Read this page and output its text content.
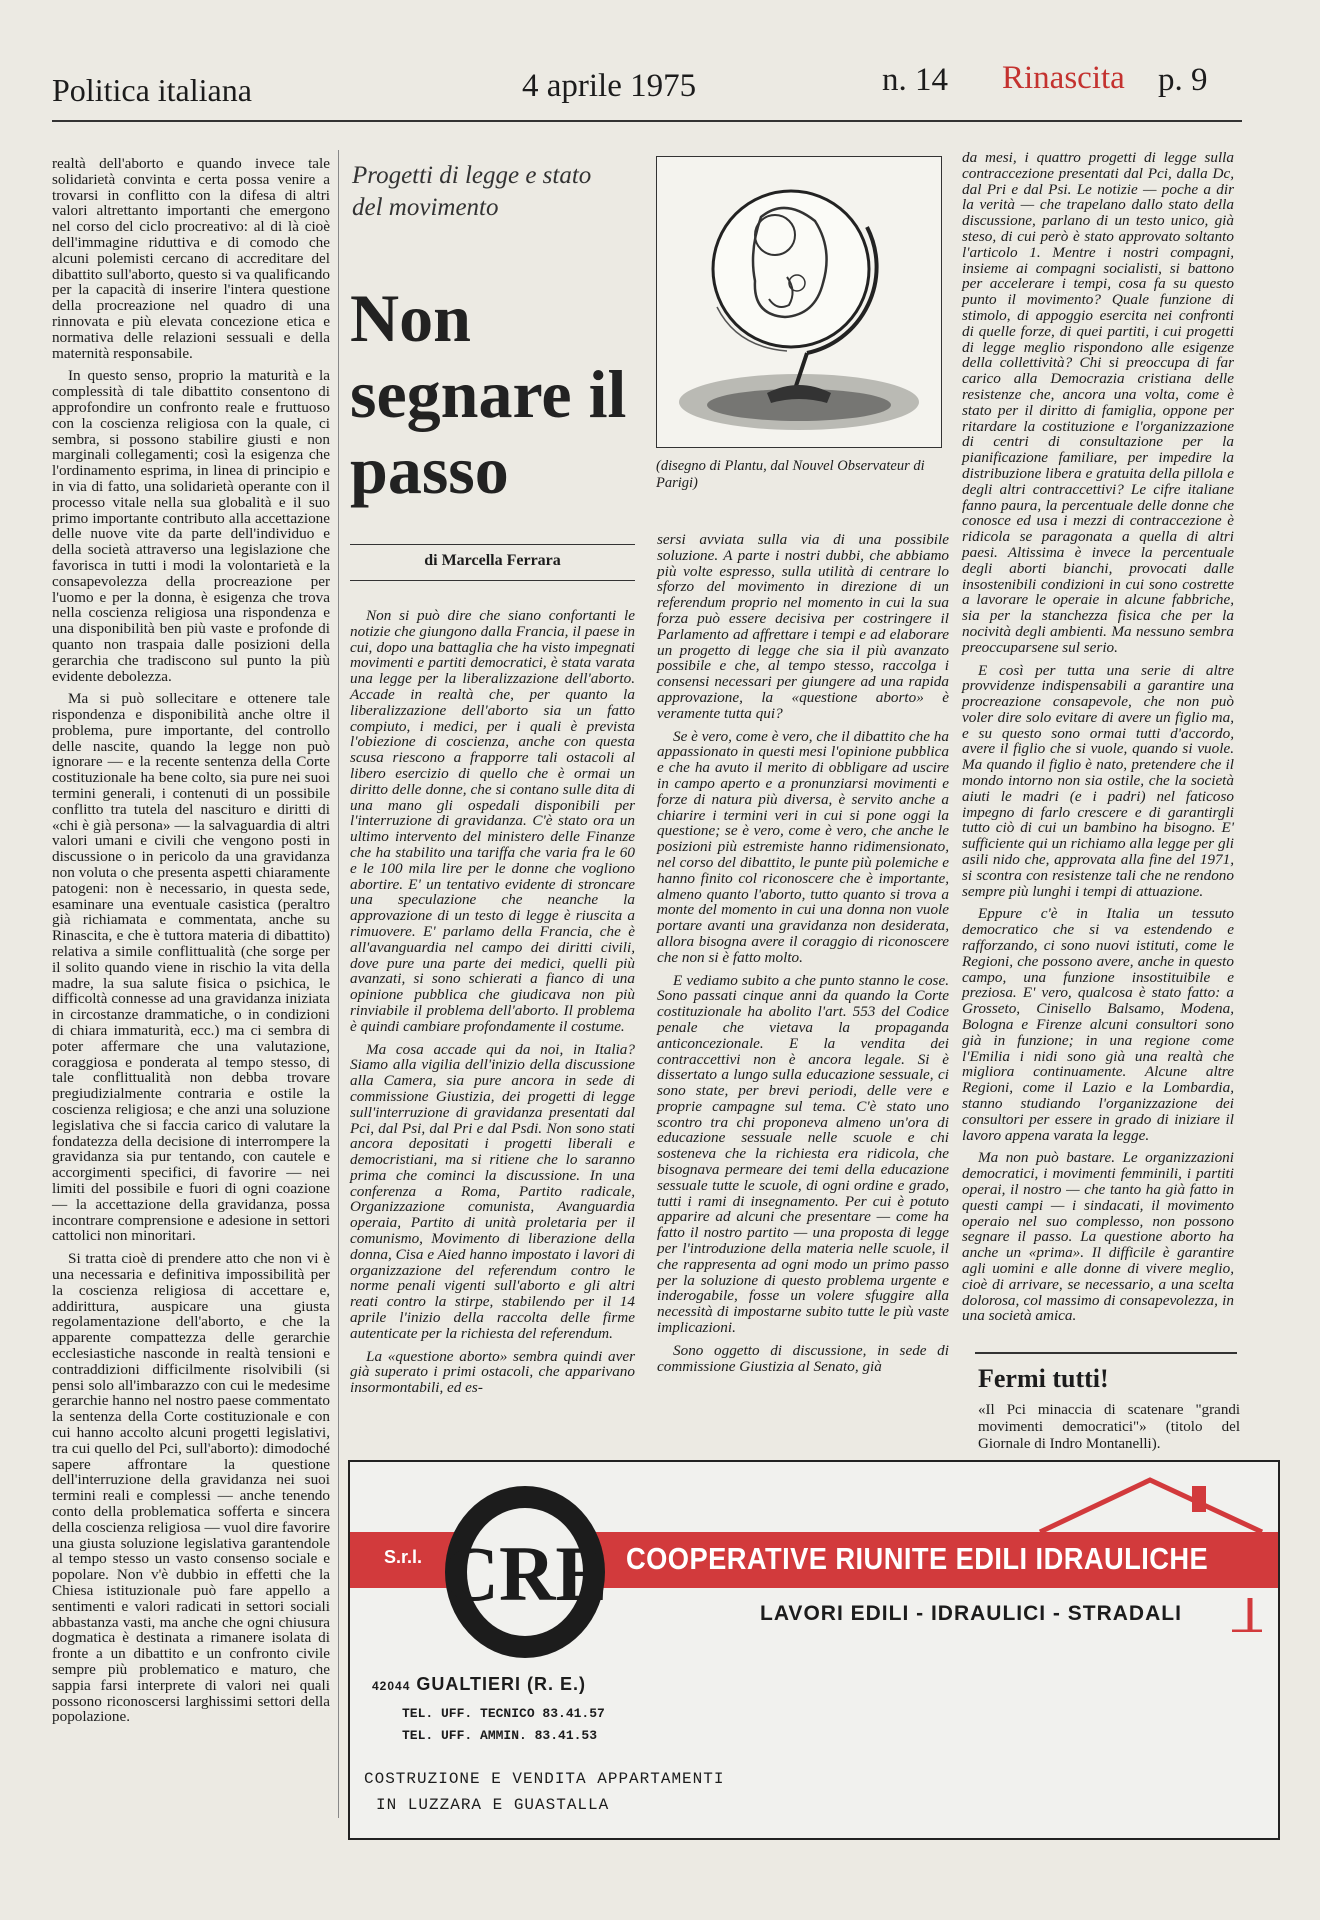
Politica italiana	4 aprile 1975	n. 14 Rinascita p. 9

realtà dell'aborto e quando invece tale solidarietà convinta e certa possa venire a trovarsi in conflitto con la difesa di altri valori altrettanto importanti che emergono nel corso del ciclo procreativo: al di là cioè dell'immagine riduttiva e di comodo che alcuni polemisti cercano di accreditare del dibattito sull'aborto, questo si va qualificando per la capacità di inserire l'intera questione della procreazione nel quadro di una rinnovata e più elevata concezione etica e normativa delle relazioni sessuali e della maternità responsabile.

In questo senso, proprio la maturità e la complessità di tale dibattito consentono di approfondire un confronto reale e fruttuoso con la coscienza religiosa con la quale, ci sembra, si possono stabilire giusti e non marginali collegamenti; così la esigenza che l'ordinamento esprima, in linea di principio e in via di fatto, una solidarietà operante con il processo vitale nella sua globalità e il suo primo importante contributo alla accettazione delle nuove vite da parte dell'individuo e della società attraverso una legislazione che favorisca in tutti i modi la volontarietà e la consapevolezza della procreazione per l'uomo e per la donna, è esigenza che trova nella coscienza religiosa una rispondenza e una disponibilità ben più vaste e profonde di quanto non traspaia dalle posizioni della gerarchia che tradiscono sul punto la più evidente debolezza.

Ma si può sollecitare e ottenere tale rispondenza e disponibilità anche oltre il problema, pure importante, del controllo delle nascite, quando la legge non può ignorare — e la recente sentenza della Corte costituzionale ha bene colto, sia pure nei suoi termini generali, i contenuti di un possibile conflitto tra tutela del nascituro e diritti di «chi è già persona» — la salvaguardia di altri valori umani e civili che vengono posti in discussione o in pericolo da una gravidanza non voluta o che presenta aspetti chiaramente patogeni: non è necessario, in questa sede, esaminare una eventuale casistica (peraltro già richiamata e commentata, anche su Rinascita, e che è tuttora materia di dibattito) relativa a simile conflittualità (che sorge per il solito quando viene in rischio la vita della madre, la sua salute fisica o psichica, le difficoltà connesse ad una gravidanza iniziata in circostanze drammatiche, o in condizioni di chiara immaturità, ecc.) ma ci sembra di poter affermare che una valutazione, coraggiosa e ponderata al tempo stesso, di tale conflittualità non debba trovare pregiudizialmente contraria e ostile la coscienza religiosa; e che anzi una soluzione legislativa che si faccia carico di valutare la fondatezza della decisione di interrompere la gravidanza sia pur tentando, con cautele e accorgimenti specifici, di favorire — nei limiti del possibile e fuori di ogni coazione — la accettazione della gravidanza, possa incontrare comprensione e adesione in settori cattolici non minoritari.

Si tratta cioè di prendere atto che non vi è una necessaria e definitiva impossibilità per la coscienza religiosa di accettare e, addirittura, auspicare una giusta regolamentazione dell'aborto, e che la apparente compattezza delle gerarchie ecclesiastiche nasconde in realtà tensioni e contraddizioni difficilmente risolvibili (si pensi solo all'imbarazzo con cui le medesime gerarchie hanno nel nostro paese commentato la sentenza della Corte costituzionale e con cui hanno accolto alcuni progetti legislativi, tra cui quello del Pci, sull'aborto): dimodoché sapere affrontare la questione dell'interruzione della gravidanza nei suoi termini reali e complessi — anche tenendo conto della problematica sofferta e sincera della coscienza religiosa — vuol dire favorire una giusta soluzione legislativa garantendole al tempo stesso un vasto consenso sociale e popolare. Non v'è dubbio in effetti che la Chiesa istituzionale può fare appello a sentimenti e valori radicati in settori sociali abbastanza vasti, ma anche che ogni chiusura dogmatica è destinata a rimanere isolata di fronte a un dibattito e un confronto civile sempre più problematico e maturo, che sappia farsi interprete di valori nei quali possono riconoscersi larghissimi settori della popolazione.

Progetti di legge e stato del movimento
Non segnare il passo
di Marcella Ferrara

Non si può dire che siano confortanti le notizie che giungono dalla Francia, il paese in cui, dopo una battaglia che ha visto impegnati movimenti e partiti democratici, è stata varata una legge per la liberalizzazione dell'aborto. Accade in realtà che, per quanto la liberalizzazione dell'aborto sia un fatto compiuto, i medici, per i quali è prevista l'obiezione di coscienza, anche con questa scusa riescono a frapporre tali ostacoli al libero esercizio di quello che è ormai un diritto delle donne, che si contano sulle dita di una mano gli ospedali disponibili per l'interruzione di gravidanza. C'è stato ora un ultimo intervento del ministero delle Finanze che ha stabilito una tariffa che varia fra le 60 e le 100 mila lire per le donne che vogliono abortire. E' un tentativo evidente di stroncare una speculazione che neanche la approvazione di un testo di legge è riuscita a rimuovere. E' parlamo della Francia, che è all'avanguardia nel campo dei diritti civili, dove pure una parte dei medici, quelli più avanzati, si sono schierati a fianco di una opinione pubblica che giudicava non più rinviabile il problema dell'aborto. Il problema è quindi cambiare profondamente il costume.

Ma cosa accade qui da noi, in Italia? Siamo alla vigilia dell'inizio della discussione alla Camera, sia pure ancora in sede di commissione Giustizia, dei progetti di legge sull'interruzione di gravidanza presentati dal Pci, dal Psi, dal Pri e dal Psdi. Non sono stati ancora depositati i progetti liberali e democristiani, ma si ritiene che lo saranno prima che cominci la discussione. In una conferenza a Roma, Partito radicale, Organizzazione comunista, Avanguardia operaia, Partito di unità proletaria per il comunismo, Movimento di liberazione della donna, Cisa e Aied hanno impostato i lavori di organizzazione del referendum contro le norme penali vigenti sull'aborto e gli altri reati contro la stirpe, stabilendo per il 14 aprile l'inizio della raccolta delle firme autenticate per la richiesta del referendum.

La «questione aborto» sembra quindi aver già superato i primi ostacoli, che apparivano insormontabili, ed es-

(disegno di Plantu, dal Nouvel Observateur di Parigi)

sersi avviata sulla via di una possibile soluzione. A parte i nostri dubbi, che abbiamo più volte espresso, sulla utilità di centrare lo sforzo del movimento in direzione di un referendum proprio nel momento in cui la sua forza può essere decisiva per costringere il Parlamento ad affrettare i tempi e ad elaborare un progetto di legge che sia il più avanzato possibile e che, al tempo stesso, raccolga i consensi necessari per giungere ad una rapida approvazione, la «questione aborto» è veramente tutta qui?

Se è vero, come è vero, che il dibattito che ha appassionato in questi mesi l'opinione pubblica e che ha avuto il merito di obbligare ad uscire in campo aperto e a pronunziarsi movimenti e forze di natura più diversa, è servito anche a chiarire i termini veri in cui si pone oggi la questione; se è vero, come è vero, che anche le posizioni più estremiste hanno ridimensionato, nel corso del dibattito, le punte più polemiche e hanno finito col riconoscere che è importante, almeno quanto l'aborto, tutto quanto si trova a monte del momento in cui una donna non vuole portare avanti una gravidanza non desiderata, allora bisogna avere il coraggio di riconoscere che non si è fatto molto.

E vediamo subito a che punto stanno le cose. Sono passati cinque anni da quando la Corte costituzionale ha abolito l'art. 553 del Codice penale che vietava la propaganda anticoncezionale. E la vendita dei contraccettivi non è ancora legale. Si è dissertato a lungo sulla educazione sessuale, ci sono state, per brevi periodi, delle vere e proprie campagne sul tema. C'è stato uno scontro tra chi proponeva almeno un'ora di educazione sessuale nelle scuole e chi sosteneva che la richiesta era ridicola, che bisognava permeare dei temi della educazione sessuale tutte le scuole, di ogni ordine e grado, tutti i rami di insegnamento. Per cui è potuto apparire ad alcuni che presentare — come ha fatto il nostro partito — una proposta di legge per l'introduzione della materia nelle scuole, il che rappresenta ad ogni modo un primo passo per la soluzione di questo problema urgente e inderogabile, fosse un volere sfuggire alla necessità di impostarne subito tutte le più vaste implicazioni.

Sono oggetto di discussione, in sede di commissione Giustizia al Senato, già

da mesi, i quattro progetti di legge sulla contraccezione presentati dal Pci, dalla Dc, dal Pri e dal Psi. Le notizie — poche a dir la verità — che trapelano dallo stato della discussione, parlano di un testo unico, già steso, di cui però è stato approvato soltanto l'articolo 1. Mentre i nostri compagni, insieme ai compagni socialisti, si battono per accelerare i tempi, cosa fa su questo punto il movimento? Quale funzione di stimolo, di appoggio esercita nei confronti di quelle forze, di quei partiti, i cui progetti di legge meglio rispondono alle esigenze della collettività? Chi si preoccupa di far carico alla Democrazia cristiana delle resistenze che, ancora una volta, come è stato per il diritto di famiglia, oppone per ritardare la costituzione e l'organizzazione di centri di consultazione per la pianificazione familiare, per impedire la distribuzione libera e gratuita della pillola e degli altri contraccettivi? Le cifre italiane fanno paura, la percentuale delle donne che conosce ed usa i mezzi di contraccezione è ridicola se paragonata a quella di altri paesi. Altissima è invece la percentuale degli aborti bianchi, provocati dalle insostenibili condizioni in cui sono costrette a lavorare le operaie in alcune fabbriche, sia per la stanchezza fisica che per la nocività degli ambienti. Ma nessuno sembra preoccuparsene sul serio.

E così per tutta una serie di altre provvidenze indispensabili a garantire una procreazione consapevole, che non può voler dire solo evitare di avere un figlio ma, e su questo sono ormai tutti d'accordo, avere il figlio che si vuole, quando si vuole. Ma quando il figlio è nato, pretendere che il mondo intorno non sia ostile, che la società aiuti le madri (e i padri) nel faticoso impegno di farlo crescere e di garantirgli tutto ciò di cui un bambino ha bisogno. E' sufficiente qui un richiamo alla legge per gli asili nido che, approvata alla fine del 1971, si scontra con resistenze tali che ne rendono sempre più lunghi i tempi di attuazione.

Eppure c'è in Italia un tessuto democratico che si va estendendo e rafforzando, ci sono nuovi istituti, come le Regioni, che possono avere, anche in questo campo, una funzione insostituibile e preziosa. E' vero, qualcosa è stato fatto: a Grosseto, Cinisello Balsamo, Modena, Bologna e Firenze alcuni consultori sono già in funzione; in una regione come l'Emilia i nidi sono già una realtà che migliora continuamente. Alcune altre Regioni, come il Lazio e la Lombardia, stanno studiando l'organizzazione dei consultori per essere in grado di iniziare il lavoro appena varata la legge.

Ma non può bastare. Le organizzazioni democratici, i movimenti femminili, i partiti operai, il nostro — che tanto ha già fatto in questi campi — i sindacati, il movimento operaio nel suo complesso, non possono segnare il passo. La questione aborto ha anche un «prima». Il difficile è garantire agli uomini e alle donne di vivere meglio, cioè di arrivare, se necessario, a una scelta dolorosa, col massimo di consapevolezza, in una società amica.

Fermi tutti!
«Il Pci minaccia di scatenare "grandi movimenti democratici"» (titolo del Giornale di Indro Montanelli).
S.r.l. CRE COOPERATIVE RIUNITE EDILI IDRAULICHE
LAVORI EDILI - IDRAULICI - STRADALI
42044 GUALTIERI (R. E.)
TEL. UFF. TECNICO 83.41.57
TEL. UFF. AMMIN. 83.41.53
COSTRUZIONE E VENDITA APPARTAMENTI
IN LUZZARA E GUASTALLA
